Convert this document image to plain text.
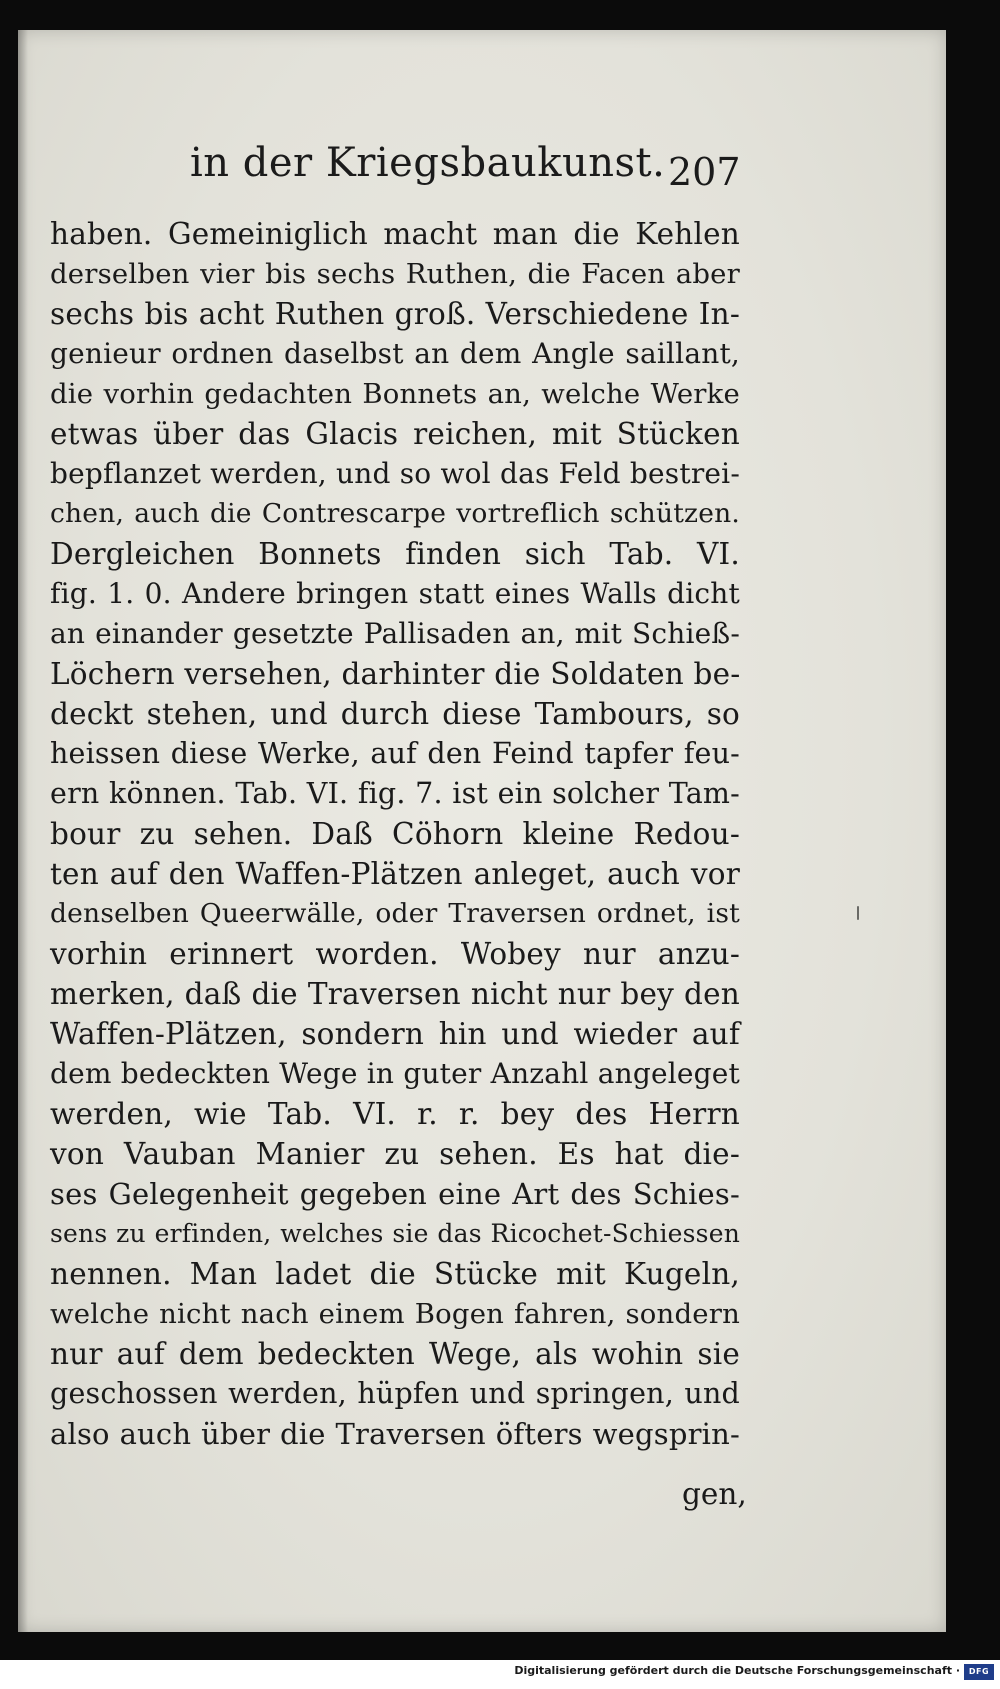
in der Kriegsbaukunst. 207
haben. Gemeiniglich macht man die Kehlen
derselben vier bis sechs Ruthen, die Facen aber
sechs bis acht Ruthen groß. Verschiedene In-
genieur ordnen daselbst an dem Angle saillant,
die vorhin gedachten Bonnets an, welche Werke
etwas über das Glacis reichen, mit Stücken
bepflanzet werden, und so wol das Feld bestrei-
chen, auch die Contrescarpe vortreflich schützen.
Dergleichen Bonnets finden sich Tab. VI.
fig. 1. 0. Andere bringen statt eines Walls dicht
an einander gesetzte Pallisaden an, mit Schieß-
Löchern versehen, darhinter die Soldaten be-
deckt stehen, und durch diese Tambours, so
heissen diese Werke, auf den Feind tapfer feu-
ern können. Tab. VI. fig. 7. ist ein solcher Tam-
bour zu sehen. Daß Cöhorn kleine Redou-
ten auf den Waffen-Plätzen anleget, auch vor
denselben Queerwälle, oder Traversen ordnet, ist
vorhin erinnert worden. Wobey nur anzu-
merken, daß die Traversen nicht nur bey den
Waffen-Plätzen, sondern hin und wieder auf
dem bedeckten Wege in guter Anzahl angeleget
werden, wie Tab. VI. r. r. bey des Herrn
von Vauban Manier zu sehen. Es hat die-
ses Gelegenheit gegeben eine Art des Schies-
sens zu erfinden, welches sie das Ricochet-Schiessen
nennen. Man ladet die Stücke mit Kugeln,
welche nicht nach einem Bogen fahren, sondern
nur auf dem bedeckten Wege, als wohin sie
geschossen werden, hüpfen und springen, und
also auch über die Traversen öfters wegsprin-
gen,
Digitalisierung gefördert durch die Deutsche Forschungsgemeinschaft ·	DFG
